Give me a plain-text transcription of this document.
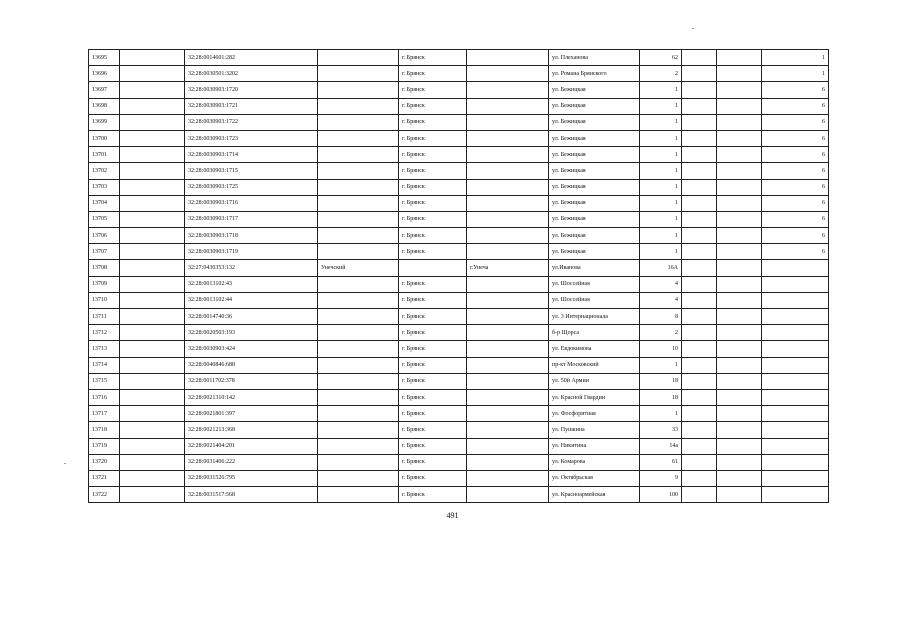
13695		32:28:0014601:282		г. Брянск		ул. Плеханова	62			1
13696		32:28:0030501:3202		г. Брянск		ул. Романа Брянского	2			1
13697		32:28:0030903:1720		г. Брянск		ул. Бежицкая	1			6
13698		32:28:0030903:1721		г. Брянск		ул. Бежицкая	1			6
13699		32:28:0030903:1722		г. Брянск		ул. Бежицкая	1			6
13700		32:28:0030903:1723		г. Брянск		ул. Бежицкая	1			6
13701		32:28:0030903:1714		г. Брянск		ул. Бежицкая	1			6
13702		32:28:0030903:1715		г. Брянск		ул. Бежицкая	1			6
13703		32:28:0030903:1725		г. Брянск		ул. Бежицкая	1			6
13704		32:28:0030903:1716		г. Брянск		ул. Бежицкая	1			6
13705		32:28:0030903:1717		г. Брянск		ул. Бежицкая	1			6
13706		32:28:0030903:1718		г. Брянск		ул. Бежицкая	1			6
13707		32:28:0030903:1719		г. Брянск		ул. Бежицкая	1			6
13708		32:27:0430353:132	Унечский		г.Унеча	ул.Иванова	16А			
13709		32:28:0013102:43		г. Брянск		ул. Шоссейная	4			
13710		32:28:0013102:44		г. Брянск		ул. Шоссейная	4			
13711		32:28:0014740:36		г. Брянск		ул. 3 Интернационала	8			
13712		32:28:0020503:193		г. Брянск		б-р Щорса	2			
13713		32:28:0030903:424		г. Брянск		ул. Евдокимова	10			
13714		32:28:0040846:688		г. Брянск		пр-кт Московский	1			
13715		32:28:0011702:378		г. Брянск		ул. 50й Армии	18			
13716		32:28:0021310:142		г. Брянск		ул. Красной Гвардии	18			
13717		32:28:0021801:397		г. Брянск		ул. Фосфоритная	1			
13718		32:28:0021213:368		г. Брянск		ул. Пушкина	33			
13719		32:28:0021404:201		г. Брянск		ул. Никитина	14а			
13720		32:28:0031406:222		г. Брянск		ул. Комарова	61			
13721		32:28:0031526:795		г. Брянск		ул. Октябрьская	9			
13722		32:28:0031517:568		г. Брянск		ул. Красноармейская	100			
491
